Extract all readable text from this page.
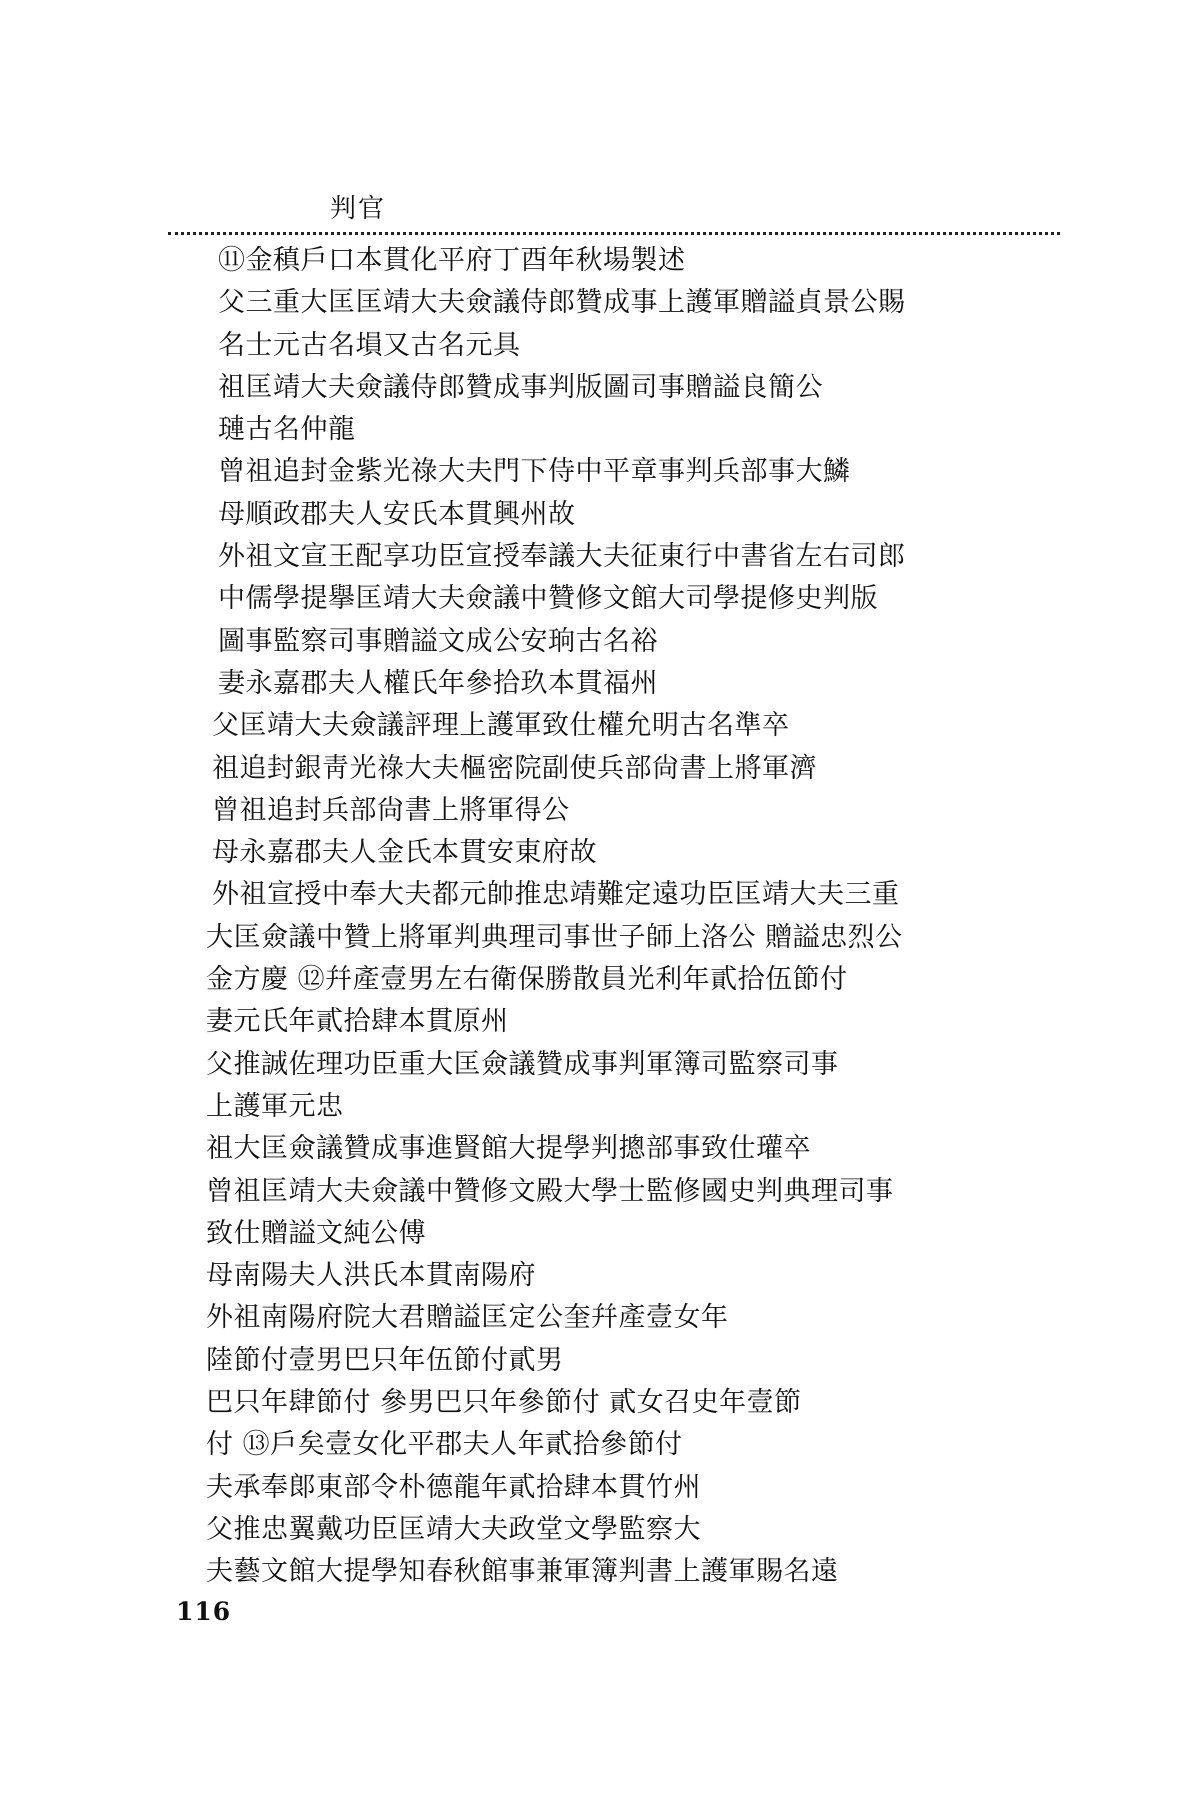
判官
⑪金稹戶口本貫化平府丁酉年秋場製述
父三重大匡匡靖大夫僉議侍郎贊成事上護軍贈謚貞景公賜
名士元古名塤又古名元具
祖匡靖大夫僉議侍郎贊成事判版圖司事贈謚良簡公
璉古名仲龍
曾祖追封金紫光祿大夫門下侍中平章事判兵部事大鱗
母順政郡夫人安氏本貫興州故
外祖文宣王配享功臣宣授奉議大夫征東行中書省左右司郎
中儒學提擧匡靖大夫僉議中贊修文館大司學提修史判版
圖事監察司事贈謚文成公安珦古名裕
妻永嘉郡夫人權氏年參拾玖本貫福州
父匡靖大夫僉議評理上護軍致仕權允明古名準卒
祖追封銀靑光祿大夫樞密院副使兵部尙書上將軍濟
曾祖追封兵部尙書上將軍得公
母永嘉郡夫人金氏本貫安東府故
外祖宣授中奉大夫都元帥推忠靖難定遠功臣匡靖大夫三重
大匡僉議中贊上將軍判典理司事世子師上洛公 贈謚忠烈公
金方慶 ⑫幷產壹男左右衛保勝散員光利年貳拾伍節付
妻元氏年貳拾肆本貫原州
父推誠佐理功臣重大匡僉議贊成事判軍簿司監察司事
上護軍元忠
祖大匡僉議贊成事進賢館大提學判摠部事致仕瓘卒
曾祖匡靖大夫僉議中贊修文殿大學士監修國史判典理司事
致仕贈謚文純公傅
母南陽夫人洪氏本貫南陽府
外祖南陽府院大君贈謚匡定公奎幷產壹女年
陸節付壹男巴只年伍節付貳男
巴只年肆節付 參男巴只年參節付 貳女召史年壹節
付 ⑬戶矣壹女化平郡夫人年貳拾參節付
夫承奉郞東部令朴德龍年貳拾肆本貫竹州
父推忠翼戴功臣匡靖大夫政堂文學監察大
夫藝文館大提學知春秋館事兼軍簿判書上護軍賜名遠
116
